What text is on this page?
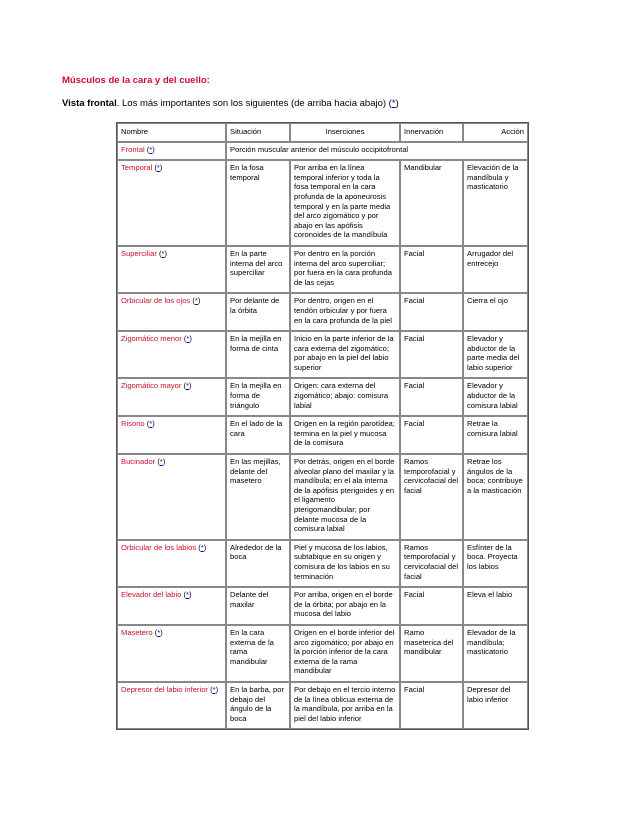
Músculos de la cara y del cuello:
Vista frontal. Los más importantes son los siguientes (de arriba hacia abajo) (*)
Nombre	Situación	Inserciones	Innervación	Acción
Frontal (*)	Porción muscular anterior del músculo occipitofrontal			
Temporal (*)	En la fosa temporal	Por arriba en la línea temporal inferior y toda la fosa temporal en la cara profunda de la aponeurosis temporal y en la parte media del arco zigomático y por abajo en las apófisis coronoides de la mandíbula	Mandibular	Elevación de la mandíbula y masticatorio
Superciliar (*)	En la parte interna del arco superciliar	Por dentro en la porción interna del arco superciliar; por fuera en la cara profunda de las cejas	Facial	Arrugador del entrecejo
Orbicular de los ojos (*)	Por delante de la órbita	Por dentro, origen en el tendón orbicular y por fuera en la cara profunda de la piel	Facial	Cierra el ojo
Zigomático menor (*)	En la mejilla en forma de cinta	Inicio en la parte inferior de la cara externa del zigomático; por abajo en la piel del labio superior	Facial	Elevador y abductor de la parte media del labio superior
Zigomático mayor (*)	En la mejilla en forma de triángulo	Origen: cara externa del zigomático; abajo: comisura labial	Facial	Elevador y abductor de la comisura labial
Risorio (*)	En el lado de la cara	Origen en la región parotídea; termina en la piel y mucosa de la comisura	Facial	Retrae la comisura labial
Bucinador (*)	En las mejillas, delante del masetero	Por detrás, origen en el borde alveolar plano del maxilar y la mandíbula; en el ala interna de la apófisis pterigoides y en el ligamento pterigomandibular; por delante mucosa de la comisura labial	Ramos temporofacial y cervicofacial del facial	Retrae los ángulos de la boca; contribuye a la masticación
Orbicular de los labios (*)	Alrededor de la boca	Piel y mucosa de los labios, subtabique en su origen y comisura de los labios en su terminación	Ramos temporofacial y cervicofacial del facial	Esfínter de la boca. Proyecta los labios
Elevador del labio (*)	Delante del maxilar	Por arriba, origen en el borde de la órbita; por abajo en la mucosa del labio	Facial	Eleva el labio
Masetero (*)	En la cara externa de la rama mandibular	Origen en el borde inferior del arco zigomático; por abajo en la porción inferior de la cara externa de la rama mandibular	Ramo maseterica del mandibular	Elevador de la mandíbula; masticatorio
Depresor del labio inferior (*)	En la barba, por debajo del ángulo de la boca	Por debajo en el tercio interno de la línea oblicua externa de la mandíbula, por arriba en la piel del labio inferior	Facial	Depresor del labio inferior
